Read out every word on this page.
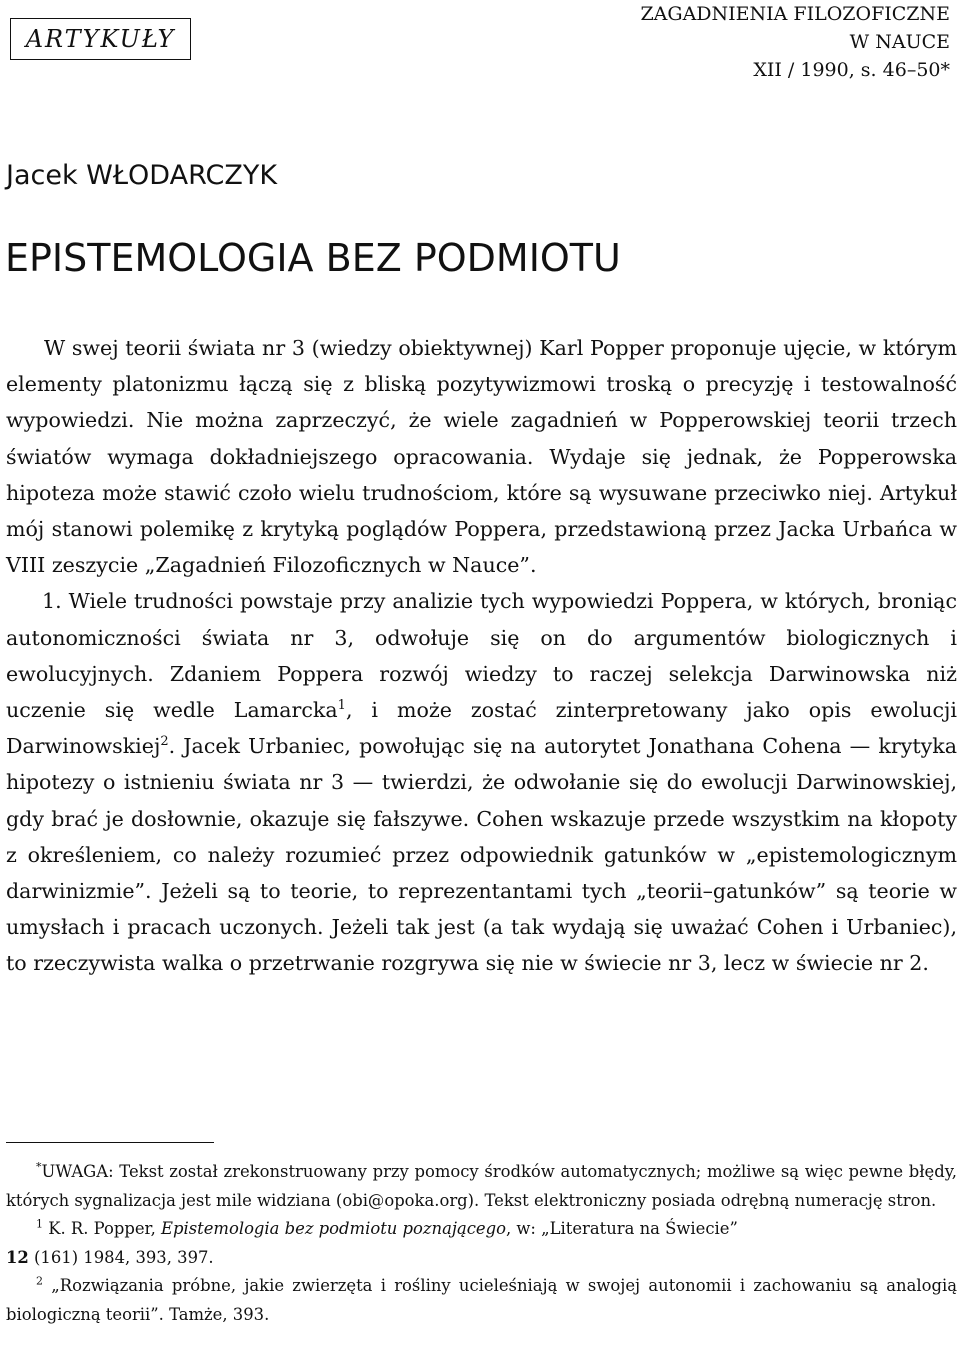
ARTYKUŁY
ZAGADNIENIA FILOZOFICZNE
W NAUCE
XII / 1990, s. 46–50*
Jacek WŁODARCZYK
EPISTEMOLOGIA BEZ PODMIOTU

W swej teorii świata nr 3 (wiedzy obiektywnej) Karl Popper proponuje ujęcie, w którym elementy platonizmu łączą się z bliską pozytywizmowi troską o precyzję i testowalność wypowiedzi. Nie można zaprzeczyć, że wiele zagadnień w Popperowskiej teorii trzech światów wymaga dokładniejszego opracowania. Wydaje się jednak, że Popperowska hipoteza może stawić czoło wielu trudnościom, które są wysuwane przeciwko niej. Artykuł mój stanowi polemikę z krytyką poglądów Poppera, przedstawioną przez Jacka Urbańca w VIII zeszycie „Zagadnień Filozoficznych w Nauce”.

1. Wiele trudności powstaje przy analizie tych wypowiedzi Poppera, w których, broniąc autonomiczności świata nr 3, odwołuje się on do argumentów biologicznych i ewolucyjnych. Zdaniem Poppera rozwój wiedzy to raczej selekcja Darwinowska niż uczenie się wedle Lamarcka$^1$, i może zostać zinterpretowany jako opis ewolucji Darwinowskiej$^2$. Jacek Urbaniec, powołując się na autorytet Jonathana Cohena — krytyka hipotezy o istnieniu świata nr 3 — twierdzi, że odwołanie się do ewolucji Darwinowskiej, gdy brać je dosłownie, okazuje się fałszywe. Cohen wskazuje przede wszystkim na kłopoty z określeniem, co należy rozumieć przez odpowiednik gatunków w „epistemologicznym darwinizmie”. Jeżeli są to teorie, to reprezentantami tych „teorii–gatunków” są teorie w umysłach i pracach uczonych. Jeżeli tak jest (a tak wydają się uważać Cohen i Urbaniec), to rzeczywista walka o przetrwanie rozgrywa się nie w świecie nr 3, lecz w świecie nr 2.

*UWAGA: Tekst został zrekonstruowany przy pomocy środków automatycznych; możliwe są więc pewne błędy, których sygnalizacja jest mile widziana (obi@opoka.org). Tekst elektroniczny posiada odrębną numerację stron.

$^1$ K. R. Popper, Epistemologia bez podmiotu poznającego, w: „Literatura na Świecie”
12 (161) 1984, 393, 397.

$^2$ „Rozwiązania próbne, jakie zwierzęta i rośliny ucieleśniają w swojej autonomii i zachowaniu są analogią biologiczną teorii”. Tamże, 393.
